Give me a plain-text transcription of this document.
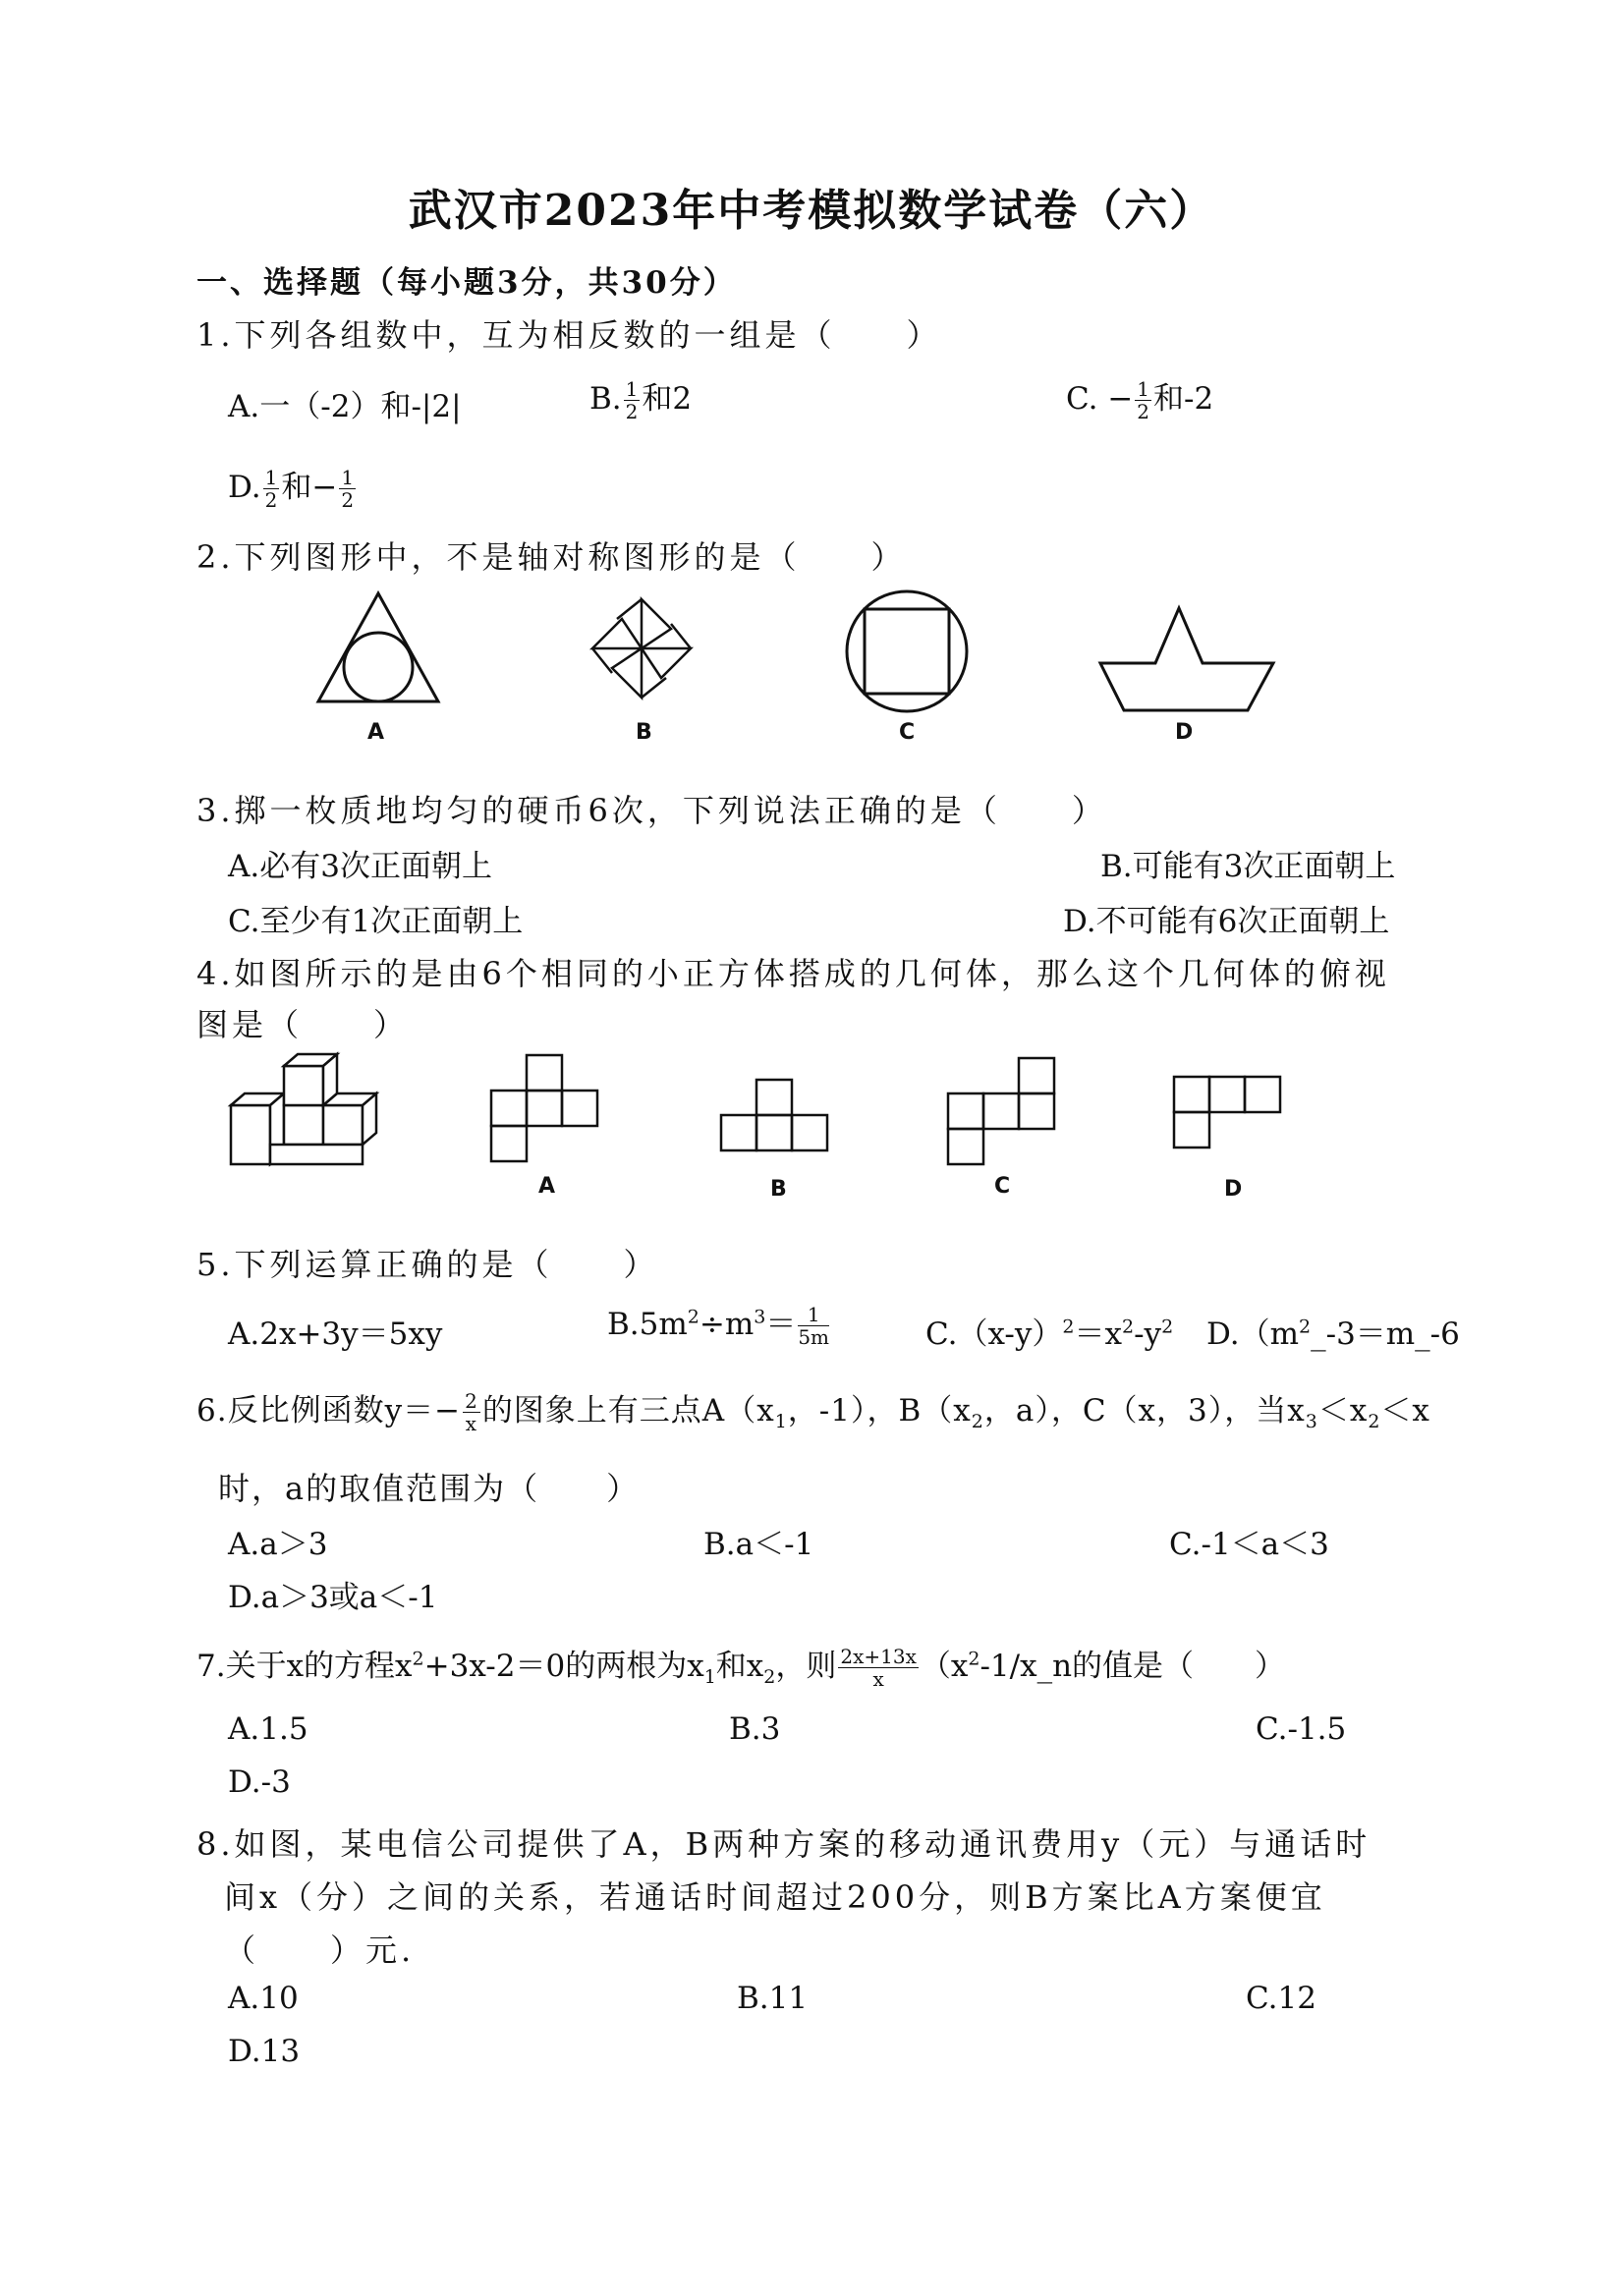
武汉市2023年中考模拟数学试卷（六）
一、选择题（每小题3分，共30分）
1.下列各组数中，互为相反数的一组是（　　）
A.一（-2）和-|2|	B. $\frac{1}{2}$ 和2	C. − $\frac{1}{2}$ 和-2
D. $\frac{1}{2}$ 和− $\frac{1}{2}$
2.下列图形中，不是轴对称图形的是（　　）
A	B	C	D
3.掷一枚质地均匀的硬币6次，下列说法正确的是（　　）
A.必有3次正面朝上	B.可能有3次正面朝上
C.至少有1次正面朝上	D.不可能有6次正面朝上
4.如图所示的是由6个相同的小正方体搭成的几何体，那么这个几何体的俯视
图是（　　）
A	B	C	D
5.下列运算正确的是（　　）
A.2x+3y＝5xy	$B.5m^2\div m^3= \frac{1}{5m}$	$C.(x-y)^2=x^2-y^2$ $D.(m^2\_-3=m\_-6$
6.反比例函数$y=- \frac{2}{x}$ 的图象上有三点$A(x_1$，-1），$B(x_2$，a），C（x，3），当$x_3<x_2<x$
时，a的取值范围为（　　）
A.a＞3	B.a＜-1	C.-1＜a＜3
D.a＞3或a＜-1
7.关于x的方程$x^2+3x-2=0$的两根为$x_1$和$x_2$，则 $\frac{2x+13x}{x}$ （$x^2-1/x\_n$的值是（　　）
A.1.5	B.3	C.-1.5
D.-3
8.如图，某电信公司提供了A，B两种方案的移动通讯费用y（元）与通话时
间x（分）之间的关系，若通话时间超过200分，则B方案比A方案便宜
（　　）元.
A.10	B.11	C.12
D.13
